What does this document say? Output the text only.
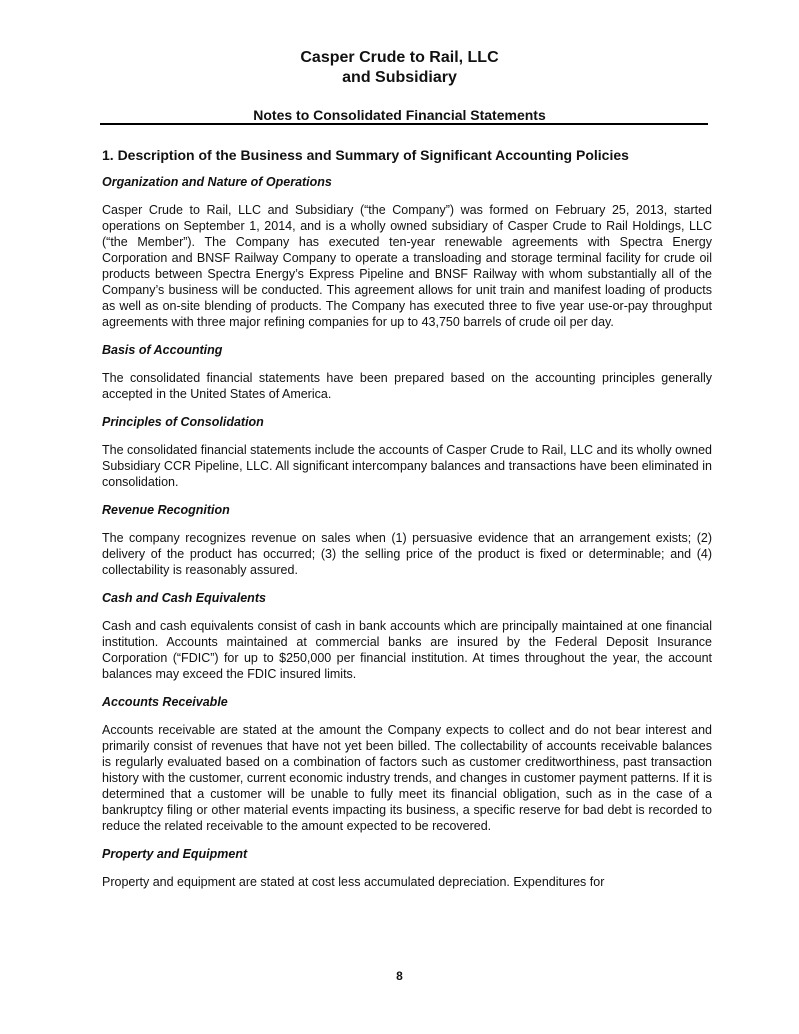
Casper Crude to Rail, LLC
and Subsidiary
Notes to Consolidated Financial Statements
1. Description of the Business and Summary of Significant Accounting Policies
Organization and Nature of Operations
Casper Crude to Rail, LLC and Subsidiary (“the Company”) was formed on February 25, 2013, started operations on September 1, 2014, and is a wholly owned subsidiary of Casper Crude to Rail Holdings, LLC (“the Member”). The Company has executed ten-year renewable agreements with Spectra Energy Corporation and BNSF Railway Company to operate a transloading and storage terminal facility for crude oil products between Spectra Energy’s Express Pipeline and BNSF Railway with whom substantially all of the Company’s business will be conducted. This agreement allows for unit train and manifest loading of products as well as on-site blending of products. The Company has executed three to five year use-or-pay throughput agreements with three major refining companies for up to 43,750 barrels of crude oil per day.
Basis of Accounting
The consolidated financial statements have been prepared based on the accounting principles generally accepted in the United States of America.
Principles of Consolidation
The consolidated financial statements include the accounts of Casper Crude to Rail, LLC and its wholly owned Subsidiary CCR Pipeline, LLC. All significant intercompany balances and transactions have been eliminated in consolidation.
Revenue Recognition
The company recognizes revenue on sales when (1) persuasive evidence that an arrangement exists; (2) delivery of the product has occurred; (3) the selling price of the product is fixed or determinable; and (4) collectability is reasonably assured.
Cash and Cash Equivalents
Cash and cash equivalents consist of cash in bank accounts which are principally maintained at one financial institution. Accounts maintained at commercial banks are insured by the Federal Deposit Insurance Corporation (“FDIC”) for up to $250,000 per financial institution. At times throughout the year, the account balances may exceed the FDIC insured limits.
Accounts Receivable
Accounts receivable are stated at the amount the Company expects to collect and do not bear interest and primarily consist of revenues that have not yet been billed. The collectability of accounts receivable balances is regularly evaluated based on a combination of factors such as customer creditworthiness, past transaction history with the customer, current economic industry trends, and changes in customer payment patterns. If it is determined that a customer will be unable to fully meet its financial obligation, such as in the case of a bankruptcy filing or other material events impacting its business, a specific reserve for bad debt is recorded to reduce the related receivable to the amount expected to be recovered.
Property and Equipment
Property and equipment are stated at cost less accumulated depreciation. Expenditures for
8
